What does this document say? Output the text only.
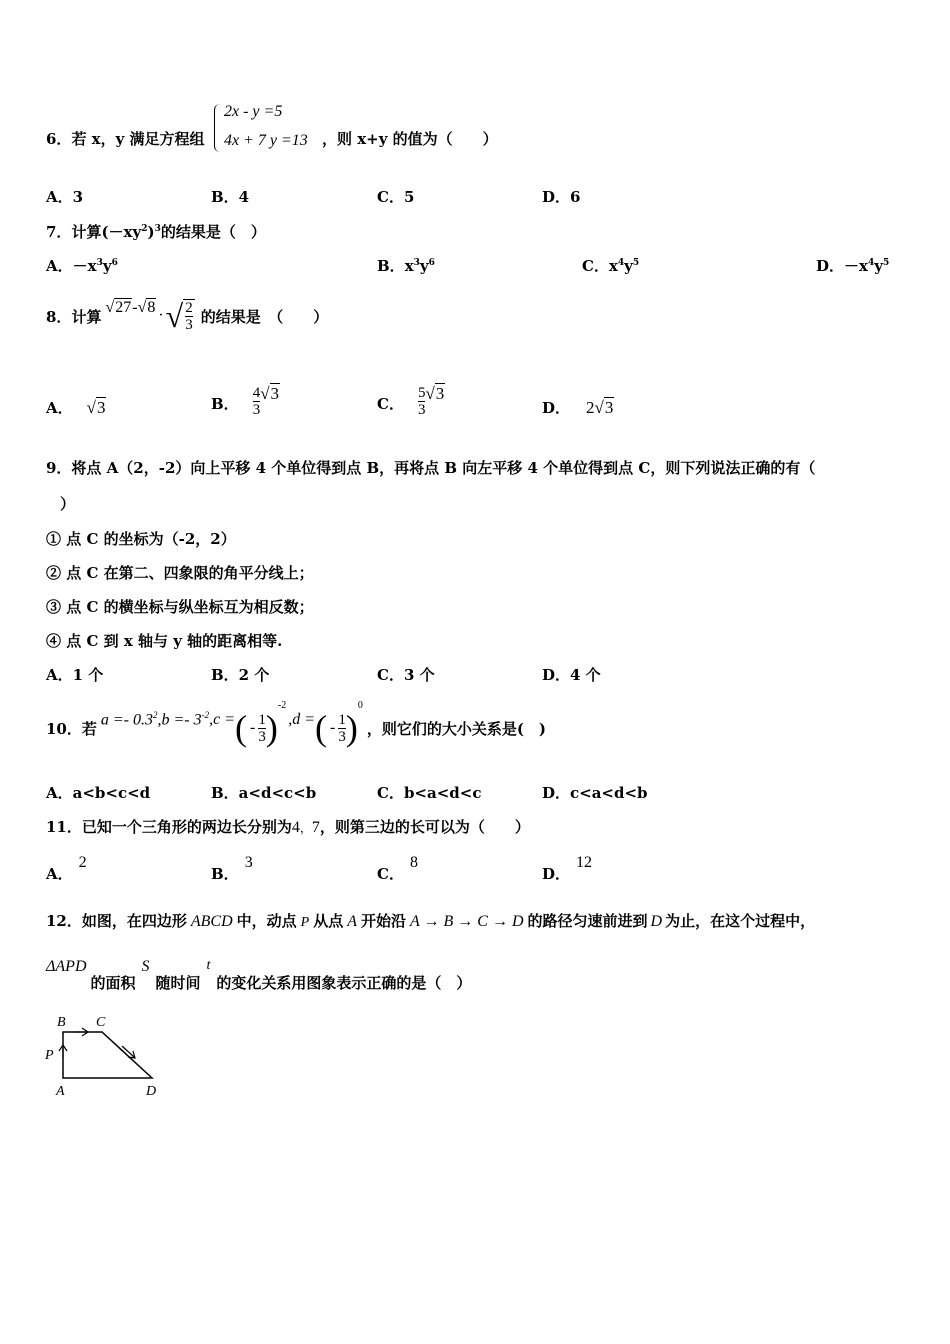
6．若 x，y 满足方程组
2x - y =5
4x + 7 y =13 ，则 x+y 的值为（　　）
A．3	B．4	C．5	D．6
7．计算$(-xy^2)^3$的结果是（　）
A．$-x^3y^6$	B．$x^3y^6$	C．$x^4y^5$	D．$-x^4y^5$
8． 计算 √27 - √8 · √ $\frac{2}{3}$ 的结果是　（　　）
A． √3	B． $\frac{4}{3} √3$
C． $\frac{5}{3} √3$
D． 2√3
9．将点 A（2，-2）向上平移 4 个单位得到点 B，再将点 B 向左平移 4 个单位得到点 C，则下列说法正确的有（
）
① 点 C 的坐标为（-2，2）
② 点 C 在第二、四象限的角平分线上；
③ 点 C 的横坐标与纵坐标互为相反数；
④ 点 C 到 x 轴与 y 轴的距离相等.
A．1 个	B．2 个	C．3 个	D．4 个
10．若 $a =- 0.3^2$ $,b =- 3^{-2}$ ,c = ( - $\frac{1}{3}$ )
$^{-2}$
,d = ( - $\frac{1}{3}$ )
$^0$
，则它们的大小关系是(　)
A．a<b<c<d	B．a<d<c<b	C．b<a<d<c	D．c<a<d<b
11．已知一个三角形的两边长分别为4，7，则第三边的长可以为（　　）
A．2
B．3
C．8
D．12
12．如图，在四边形 ABCD 中，动点 P 从点 A 开始沿 A → B → C → D 的路径匀速前进到 D 为止，在这个过程中，
ΔAPD
的面积
S
随时间
t
的变化关系用图象表示正确的是（　）
B C
P
A	D
